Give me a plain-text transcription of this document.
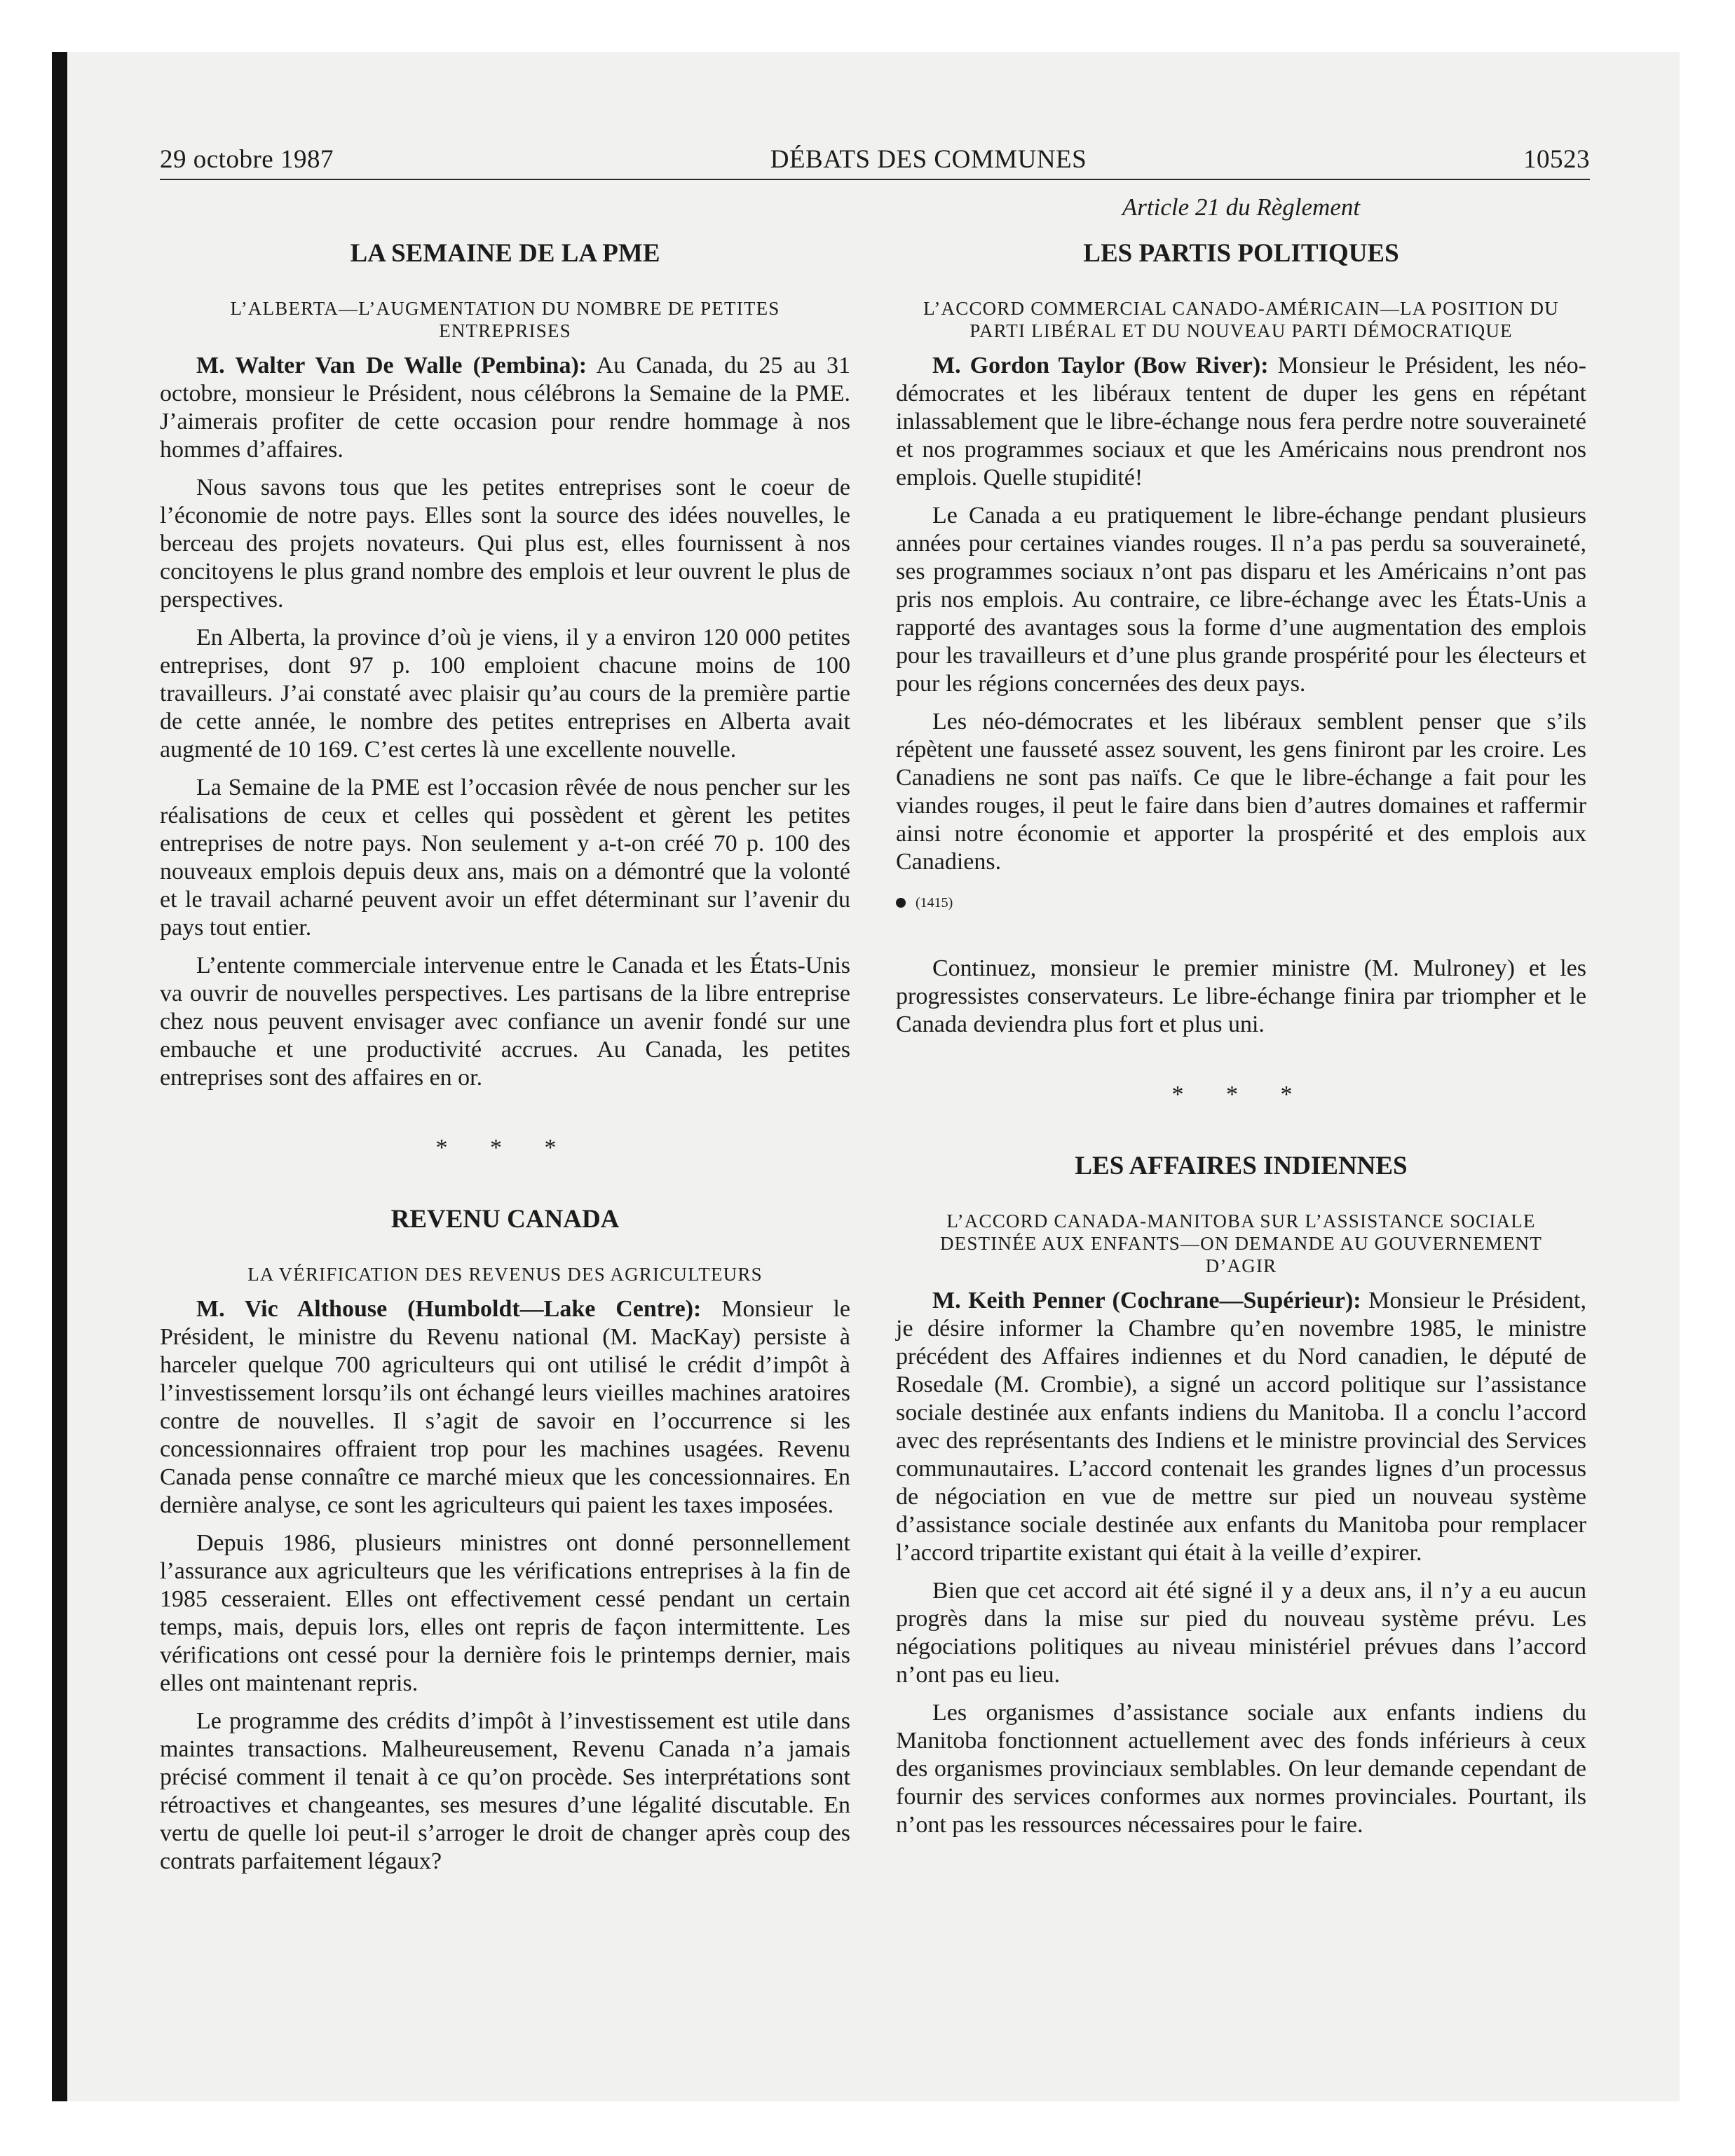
29 octobre 1987	DÉBATS DES COMMUNES	10523
LA SEMAINE DE LA PME
L’ALBERTA—L’AUGMENTATION DU NOMBRE DE PETITES ENTREPRISES

M. Walter Van De Walle (Pembina): Au Canada, du 25 au 31 octobre, monsieur le Président, nous célébrons la Semaine de la PME. J’aimerais profiter de cette occasion pour rendre hommage à nos hommes d’affaires.

Nous savons tous que les petites entreprises sont le coeur de l’économie de notre pays. Elles sont la source des idées nouvelles, le berceau des projets novateurs. Qui plus est, elles fournissent à nos concitoyens le plus grand nombre des emplois et leur ouvrent le plus de perspectives.

En Alberta, la province d’où je viens, il y a environ 120 000 petites entreprises, dont 97 p. 100 emploient chacune moins de 100 travailleurs. J’ai constaté avec plaisir qu’au cours de la première partie de cette année, le nombre des petites entreprises en Alberta avait augmenté de 10 169. C’est certes là une excellente nouvelle.

La Semaine de la PME est l’occasion rêvée de nous pencher sur les réalisations de ceux et celles qui possèdent et gèrent les petites entreprises de notre pays. Non seulement y a-t-on créé 70 p. 100 des nouveaux emplois depuis deux ans, mais on a démontré que la volonté et le travail acharné peuvent avoir un effet déterminant sur l’avenir du pays tout entier.

L’entente commerciale intervenue entre le Canada et les États-Unis va ouvrir de nouvelles perspectives. Les partisans de la libre entreprise chez nous peuvent envisager avec confiance un avenir fondé sur une embauche et une productivité accrues. Au Canada, les petites entreprises sont des affaires en or.

* * *
REVENU CANADA
LA VÉRIFICATION DES REVENUS DES AGRICULTEURS

M. Vic Althouse (Humboldt—Lake Centre): Monsieur le Président, le ministre du Revenu national (M. MacKay) persiste à harceler quelque 700 agriculteurs qui ont utilisé le crédit d’impôt à l’investissement lorsqu’ils ont échangé leurs vieilles machines aratoires contre de nouvelles. Il s’agit de savoir en l’occurrence si les concessionnaires offraient trop pour les machines usagées. Revenu Canada pense connaître ce marché mieux que les concessionnaires. En dernière analyse, ce sont les agriculteurs qui paient les taxes imposées.

Depuis 1986, plusieurs ministres ont donné personnellement l’assurance aux agriculteurs que les vérifications entreprises à la fin de 1985 cesseraient. Elles ont effectivement cessé pendant un certain temps, mais, depuis lors, elles ont repris de façon intermittente. Les vérifications ont cessé pour la dernière fois le printemps dernier, mais elles ont maintenant repris.

Le programme des crédits d’impôt à l’investissement est utile dans maintes transactions. Malheureusement, Revenu Canada n’a jamais précisé comment il tenait à ce qu’on procède. Ses interprétations sont rétroactives et changeantes, ses mesures d’une légalité discutable. En vertu de quelle loi peut-il s’arroger le droit de changer après coup des contrats parfaitement légaux?

Article 21 du Règlement
LES PARTIS POLITIQUES
L’ACCORD COMMERCIAL CANADO-AMÉRICAIN—LA POSITION DU PARTI LIBÉRAL ET DU NOUVEAU PARTI DÉMOCRATIQUE

M. Gordon Taylor (Bow River): Monsieur le Président, les néo-démocrates et les libéraux tentent de duper les gens en répétant inlassablement que le libre-échange nous fera perdre notre souveraineté et nos programmes sociaux et que les Américains nous prendront nos emplois. Quelle stupidité!

Le Canada a eu pratiquement le libre-échange pendant plusieurs années pour certaines viandes rouges. Il n’a pas perdu sa souveraineté, ses programmes sociaux n’ont pas disparu et les Américains n’ont pas pris nos emplois. Au contraire, ce libre-échange avec les États-Unis a rapporté des avantages sous la forme d’une augmentation des emplois pour les travailleurs et d’une plus grande prospérité pour les électeurs et pour les régions concernées des deux pays.

Les néo-démocrates et les libéraux semblent penser que s’ils répètent une fausseté assez souvent, les gens finiront par les croire. Les Canadiens ne sont pas naïfs. Ce que le libre-échange a fait pour les viandes rouges, il peut le faire dans bien d’autres domaines et raffermir ainsi notre économie et apporter la prospérité et des emplois aux Canadiens.

(1415)

Continuez, monsieur le premier ministre (M. Mulroney) et les progressistes conservateurs. Le libre-échange finira par triompher et le Canada deviendra plus fort et plus uni.

* * *
LES AFFAIRES INDIENNES
L’ACCORD CANADA-MANITOBA SUR L’ASSISTANCE SOCIALE DESTINÉE AUX ENFANTS—ON DEMANDE AU GOUVERNEMENT D’AGIR

M. Keith Penner (Cochrane—Supérieur): Monsieur le Président, je désire informer la Chambre qu’en novembre 1985, le ministre précédent des Affaires indiennes et du Nord canadien, le député de Rosedale (M. Crombie), a signé un accord politique sur l’assistance sociale destinée aux enfants indiens du Manitoba. Il a conclu l’accord avec des représentants des Indiens et le ministre provincial des Services communautaires. L’accord contenait les grandes lignes d’un processus de négociation en vue de mettre sur pied un nouveau système d’assistance sociale destinée aux enfants du Manitoba pour remplacer l’accord tripartite existant qui était à la veille d’expirer.

Bien que cet accord ait été signé il y a deux ans, il n’y a eu aucun progrès dans la mise sur pied du nouveau système prévu. Les négociations politiques au niveau ministériel prévues dans l’accord n’ont pas eu lieu.

Les organismes d’assistance sociale aux enfants indiens du Manitoba fonctionnent actuellement avec des fonds inférieurs à ceux des organismes provinciaux semblables. On leur demande cependant de fournir des services conformes aux normes provinciales. Pourtant, ils n’ont pas les ressources nécessaires pour le faire.
